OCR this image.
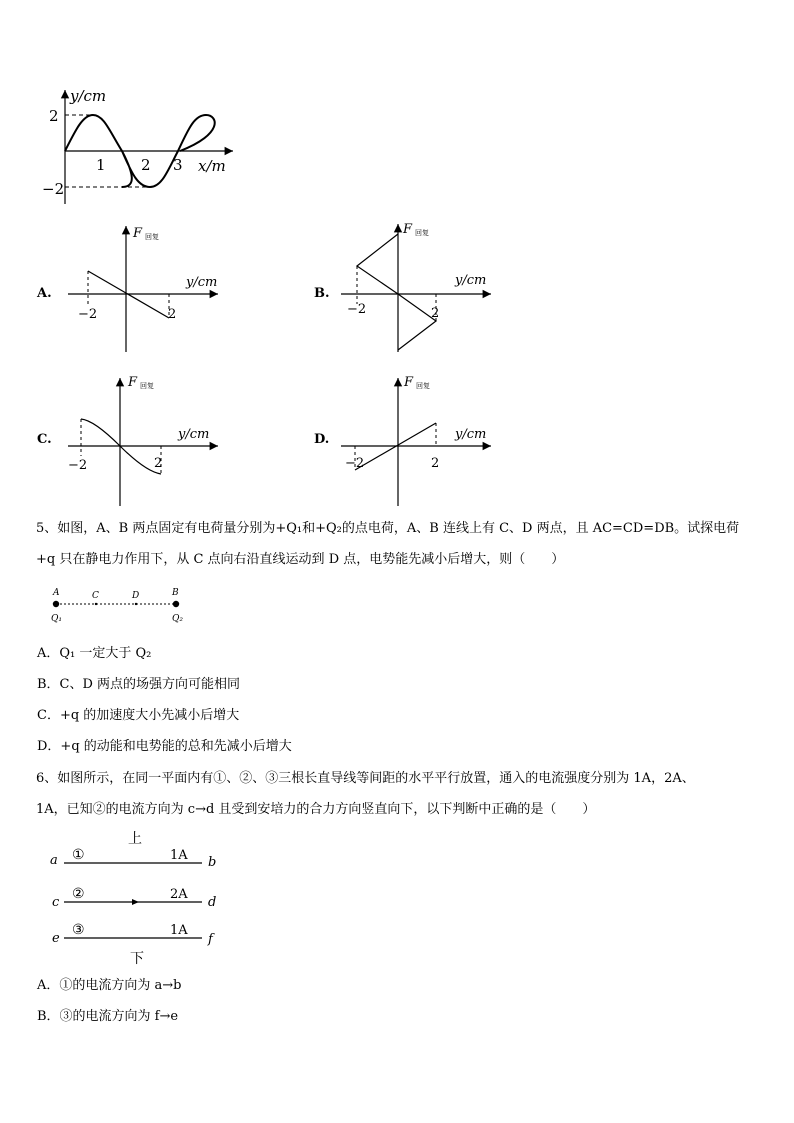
y/cm
x/m
2
−2
1 2 3
A.
F 回复
y/cm
−2	2
B.
F 回复
y/cm
−2	2
C.
F 回复
y/cm
−2	2
D.
F 回复
y/cm
−2	2
5、如图，A、B 两点固定有电荷量分别为+Q₁和+Q₂的点电荷，A、B 连线上有 C、D 两点，且 AC=CD=DB。试探电荷
+q 只在静电力作用下，从 C 点向右沿直线运动到 D 点，电势能先减小后增大，则（　　）
A	C	D	B
Q₁	Q₂
A．Q₁ 一定大于 Q₂
B．C、D 两点的场强方向可能相同
C．+q 的加速度大小先减小后增大
D．+q 的动能和电势能的总和先减小后增大
6、如图所示，在同一平面内有①、②、③三根长直导线等间距的水平平行放置，通入的电流强度分别为 1A，2A、
1A，已知②的电流方向为 c→d 且受到安培力的合力方向竖直向下，以下判断中正确的是（　　）
上
a ①	1A b
c
②	2A
d
e
③	1A
f
下
A．①的电流方向为 a→b
B．③的电流方向为 f→e
